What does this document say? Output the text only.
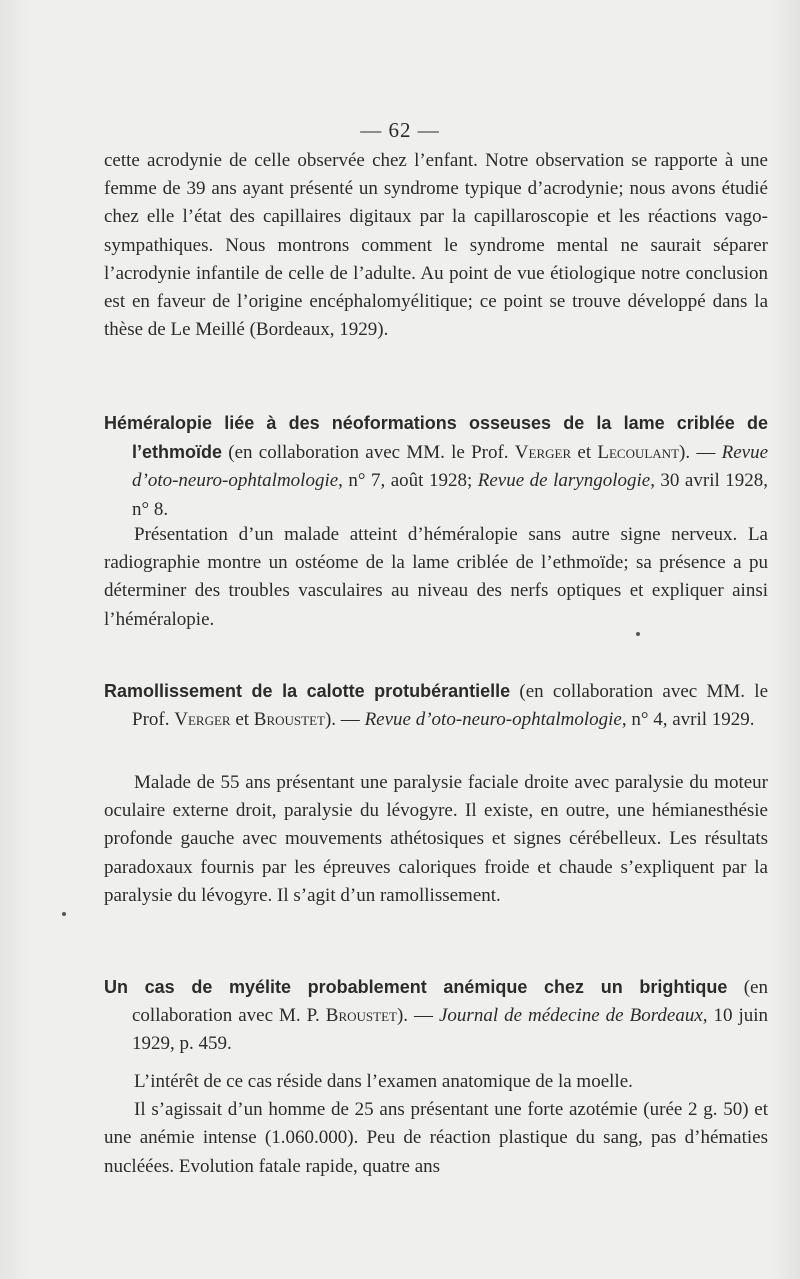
— 62 —

cette acrodynie de celle observée chez l’enfant. Notre observation se rapporte à une femme de 39 ans ayant présenté un syndrome typique d’acrodynie; nous avons étudié chez elle l’état des capillaires digitaux par la capillaroscopie et les réactions vago-sympathiques. Nous montrons comment le syndrome mental ne saurait séparer l’acrodynie infantile de celle de l’adulte. Au point de vue étiologique notre conclusion est en faveur de l’origine encéphalomyélitique; ce point se trouve développé dans la thèse de Le Meillé (Bordeaux, 1929).

Héméralopie liée à des néoformations osseuses de la lame criblée de l’ethmoïde (en collaboration avec MM. le Prof. Verger et Lecoulant). — Revue d’oto-neuro-ophtalmologie, n° 7, août 1928; Revue de laryngologie, 30 avril 1928, n° 8.

Présentation d’un malade atteint d’héméralopie sans autre signe nerveux. La radiographie montre un ostéome de la lame criblée de l’ethmoïde; sa présence a pu déterminer des troubles vasculaires au niveau des nerfs optiques et expliquer ainsi l’héméralopie.

Ramollissement de la calotte protubérantielle (en collaboration avec MM. le Prof. Verger et Broustet). — Revue d’oto-neuro-ophtalmologie, n° 4, avril 1929.

Malade de 55 ans présentant une paralysie faciale droite avec paralysie du moteur oculaire externe droit, paralysie du lévogyre. Il existe, en outre, une hémianesthésie profonde gauche avec mouvements athétosiques et signes cérébelleux. Les résultats paradoxaux fournis par les épreuves caloriques froide et chaude s’expliquent par la paralysie du lévogyre. Il s’agit d’un ramollissement.

Un cas de myélite probablement anémique chez un brightique (en collaboration avec M. P. Broustet). — Journal de médecine de Bordeaux, 10 juin 1929, p. 459.

L’intérêt de ce cas réside dans l’examen anatomique de la moelle.

Il s’agissait d’un homme de 25 ans présentant une forte azotémie (urée 2 g. 50) et une anémie intense (1.060.000). Peu de réaction plastique du sang, pas d’hématies nucléées. Evolution fatale rapide, quatre ans
